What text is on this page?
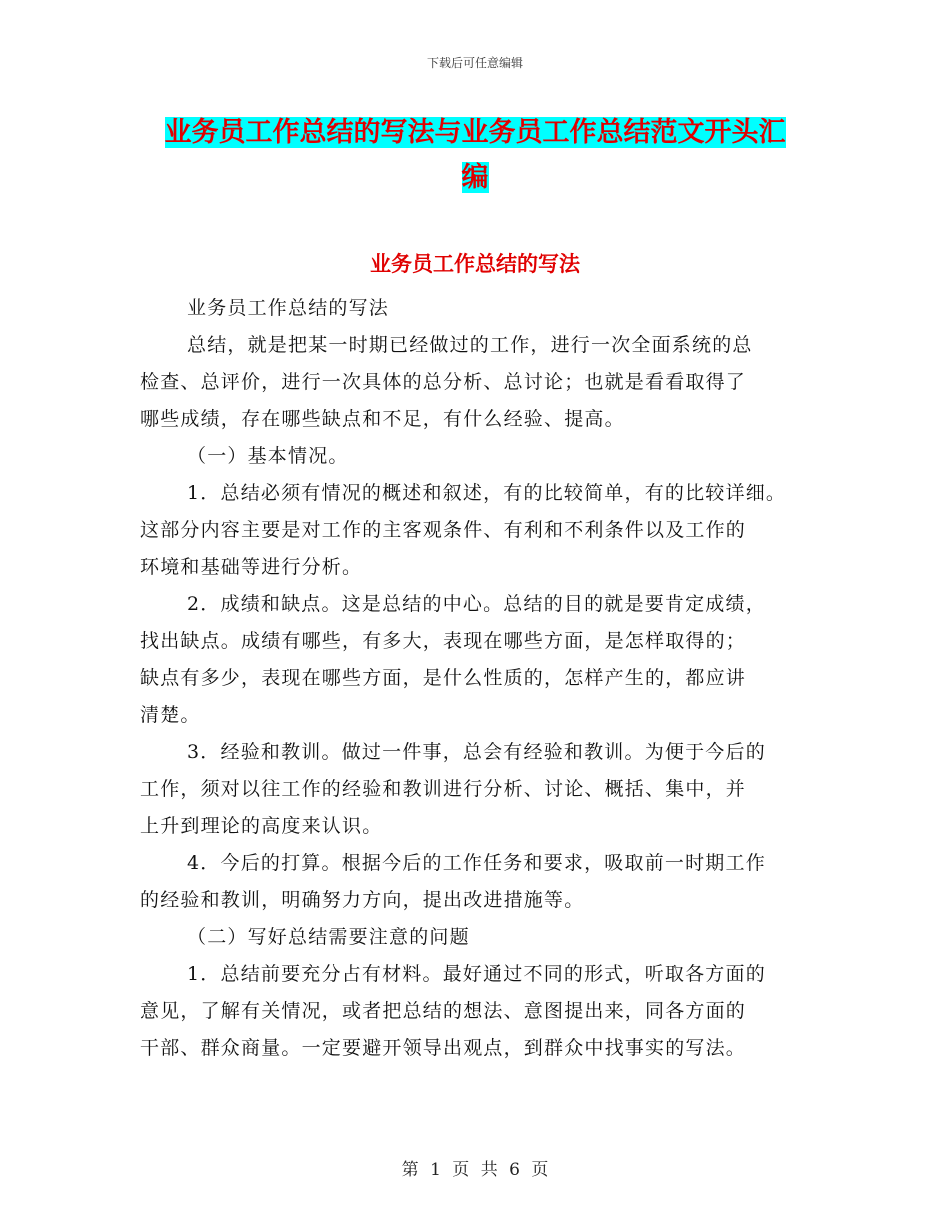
下载后可任意编辑
业务员工作总结的写法与业务员工作总结范文开头汇
编
业务员工作总结的写法
业务员工作总结的写法
总结，就是把某一时期已经做过的工作，进行一次全面系统的总
检查、总评价，进行一次具体的总分析、总讨论；也就是看看取得了
哪些成绩，存在哪些缺点和不足，有什么经验、提高。
（一）基本情况。
1．总结必须有情况的概述和叙述，有的比较简单，有的比较详细。
这部分内容主要是对工作的主客观条件、有利和不利条件以及工作的
环境和基础等进行分析。
2．成绩和缺点。这是总结的中心。总结的目的就是要肯定成绩，
找出缺点。成绩有哪些，有多大，表现在哪些方面，是怎样取得的；
缺点有多少，表现在哪些方面，是什么性质的，怎样产生的，都应讲
清楚。
3．经验和教训。做过一件事，总会有经验和教训。为便于今后的
工作，须对以往工作的经验和教训进行分析、讨论、概括、集中，并
上升到理论的高度来认识。
4．今后的打算。根据今后的工作任务和要求，吸取前一时期工作
的经验和教训，明确努力方向，提出改进措施等。
（二）写好总结需要注意的问题
1．总结前要充分占有材料。最好通过不同的形式，听取各方面的
意见，了解有关情况，或者把总结的想法、意图提出来，同各方面的
干部、群众商量。一定要避开领导出观点，到群众中找事实的写法。
第 1 页 共 6 页
